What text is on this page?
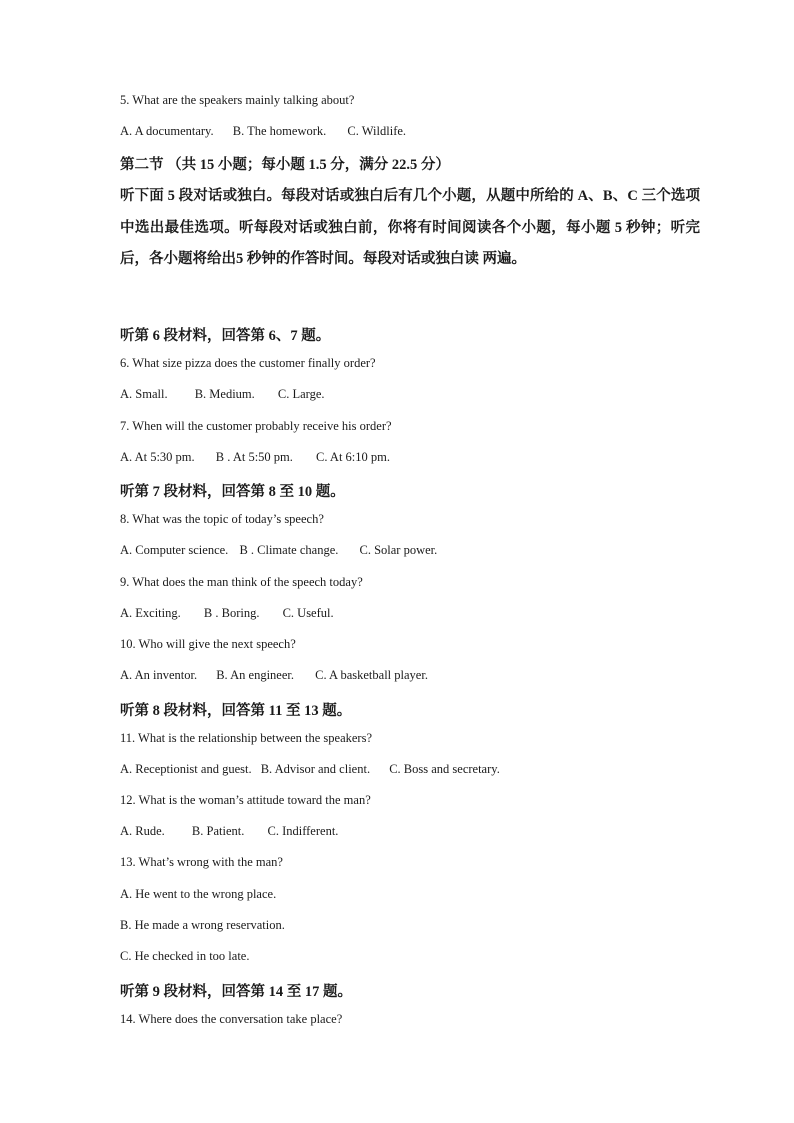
5. What are the speakers mainly talking about?
A. A documentary. B. The homework. C. Wildlife.
第二节 （共 15 小题；每小题 1.5 分，满分 22.5 分）
听下面 5 段对话或独白。每段对话或独白后有几个小题，从题中所给的 A、B、C 三个选项中选出最佳选项。听每段对话或独白前，你将有时间阅读各个小题，每小题 5 秒钟；听完后，各小题将给出5 秒钟的作答时间。每段对话或独白读 两遍。
听第 6 段材料，回答第 6、7 题。
6. What size pizza does the customer finally order?
A. Small. B. Medium. C. Large.
7. When will the customer probably receive his order?
A. At 5:30 pm. B . At 5:50 pm. C. At 6:10 pm.
听第 7 段材料，回答第 8 至 10 题。
8. What was the topic of today’s speech?
A. Computer science. B . Climate change. C. Solar power.
9. What does the man think of the speech today?
A. Exciting. B . Boring. C. Useful.
10. Who will give the next speech?
A. An inventor. B. An engineer. C. A basketball player.
听第 8 段材料，回答第 11 至 13 题。
11. What is the relationship between the speakers?
A. Receptionist and guest. B. Advisor and client. C. Boss and secretary.
12. What is the woman’s attitude toward the man?
A. Rude. B. Patient. C. Indifferent.
13. What’s wrong with the man?
A. He went to the wrong place.
B. He made a wrong reservation.
C. He checked in too late.
听第 9 段材料，回答第 14 至 17 题。
14. Where does the conversation take place?
